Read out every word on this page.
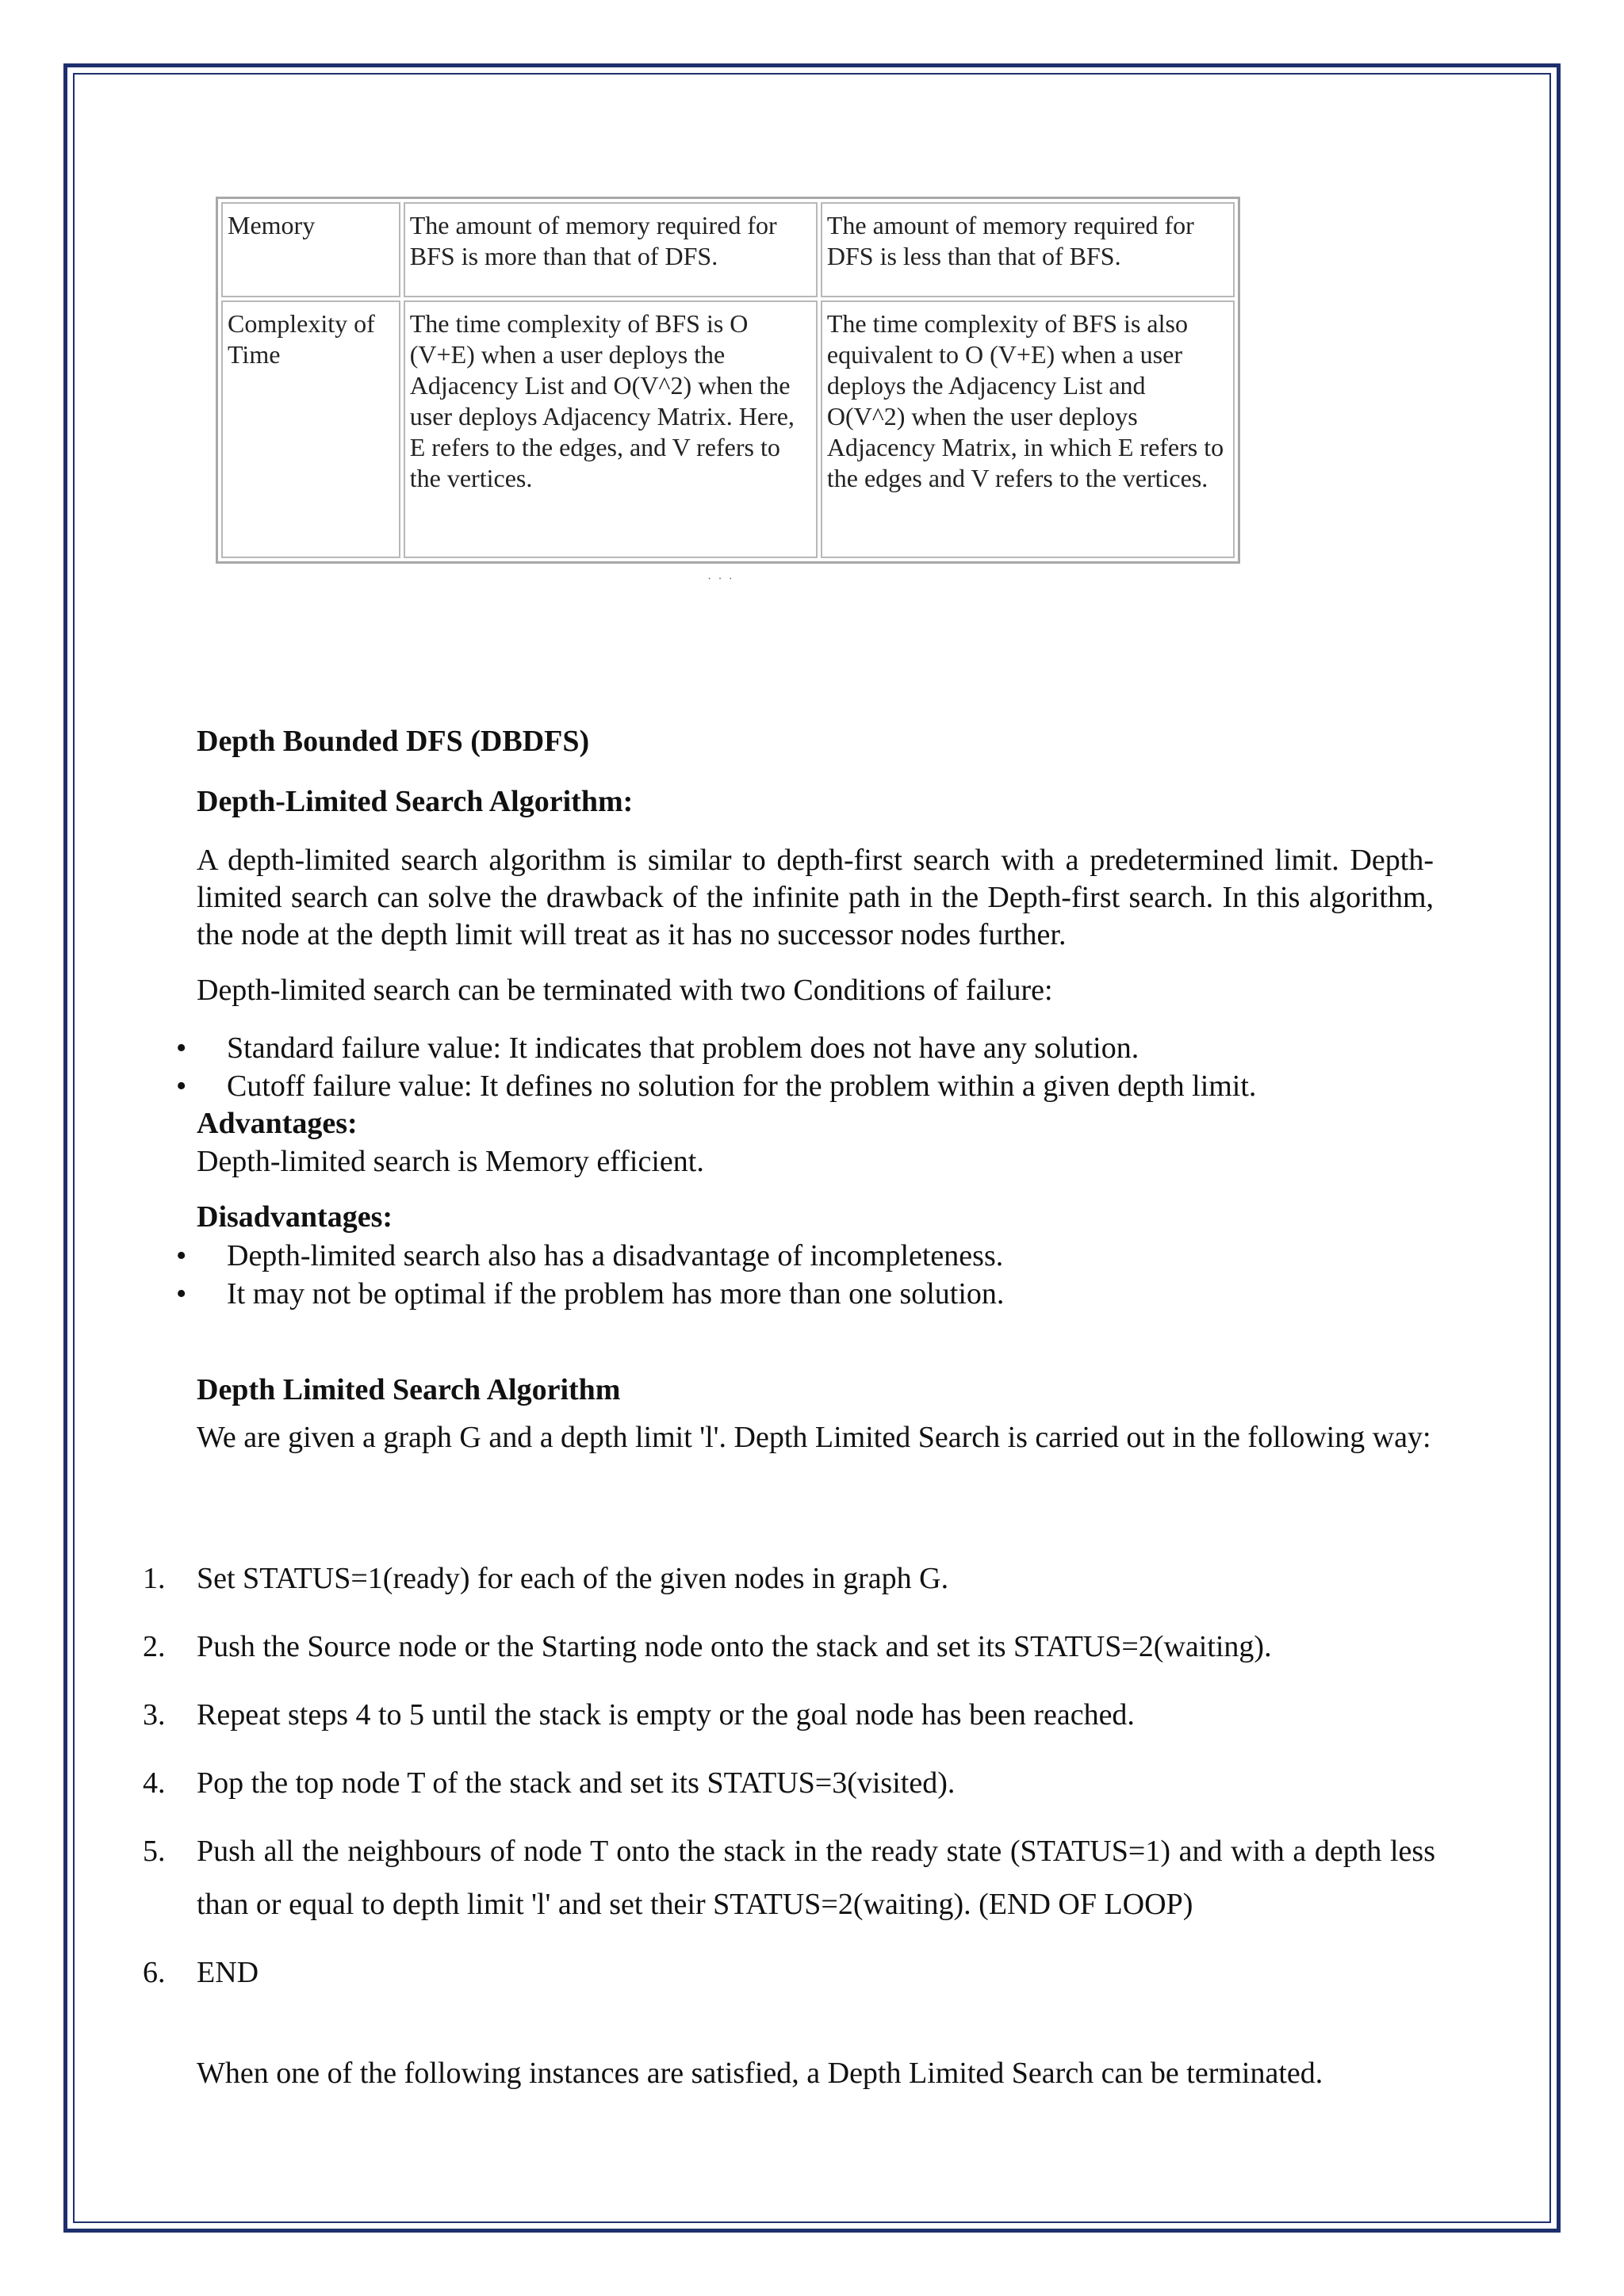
Memory	The amount of memory required for BFS is more than that of DFS.	The amount of memory required for DFS is less than that of BFS.
Complexity of Time	The time complexity of BFS is O (V+E) when a user deploys the Adjacency List and O(V^2) when the user deploys Adjacency Matrix. Here, E refers to the edges, and V refers to the vertices.	The time complexity of BFS is also equivalent to O (V+E) when a user deploys the Adjacency List and O(V^2) when the user deploys Adjacency Matrix, in which E refers to the edges and V refers to the vertices.
· · ·
Depth Bounded DFS (DBDFS)
Depth-Limited Search Algorithm:
A depth-limited search algorithm is similar to depth-first search with a predetermined limit. Depth-limited search can solve the drawback of the infinite path in the Depth-first search. In this algorithm, the node at the depth limit will treat as it has no successor nodes further.
Depth-limited search can be terminated with two Conditions of failure:
• Standard failure value: It indicates that problem does not have any solution.
• Cutoff failure value: It defines no solution for the problem within a given depth limit.
Advantages:
Depth-limited search is Memory efficient.
Disadvantages:
• Depth-limited search also has a disadvantage of incompleteness.
• It may not be optimal if the problem has more than one solution.
Depth Limited Search Algorithm
We are given a graph G and a depth limit 'l'. Depth Limited Search is carried out in the following way:
1. Set STATUS=1(ready) for each of the given nodes in graph G.
2. Push the Source node or the Starting node onto the stack and set its STATUS=2(waiting).
3. Repeat steps 4 to 5 until the stack is empty or the goal node has been reached.
4. Pop the top node T of the stack and set its STATUS=3(visited).
5. Push all the neighbours of node T onto the stack in the ready state (STATUS=1) and with a depth less than or equal to depth limit 'l' and set their STATUS=2(waiting). (END OF LOOP)
6. END
When one of the following instances are satisfied, a Depth Limited Search can be terminated.
